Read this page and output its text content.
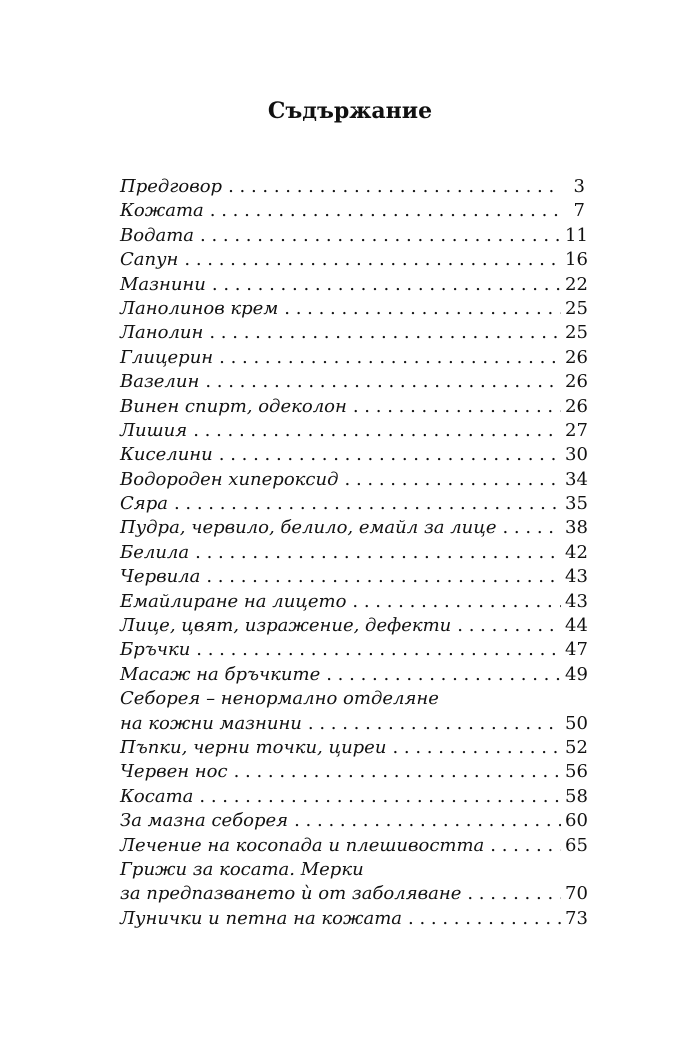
Съдържание
Предговор . . .	3
Кожата . . .	7
Водата . . .	11
Сапун . . .	16
Мазнини . . .	22
Ланолинов крем . . .	25
Ланолин . . .	25
Глицерин . . .	26
Вазелин . . .	26
Винен спирт, одеколон . . .	26
Лишия . . .	27
Киселини . . .	30
Водороден хипероксид . . .	34
Сяра . . .	35
Пудра, червило, белило, емайл за лице . . .	38
Белила . . .	42
Червила . . .	43
Емайлиране на лицето . . .	43
Лице, цвят, изражение, дефекти . . .	44
Бръчки . . .	47
Масаж на бръчките . . .	49
Себорея – ненормално отделяне
на кожни мазнини . . .	50
Пъпки, черни точки, циреи . . .	52
Червен нос . . .	56
Косата . . .	58
За мазна себорея . . .	60
Лечение на косопада и плешивостта . . .	65
Грижи за косата. Мерки
за предпазването ѝ от заболяване . . .	70
Лунички и петна на кожата . . .	73
